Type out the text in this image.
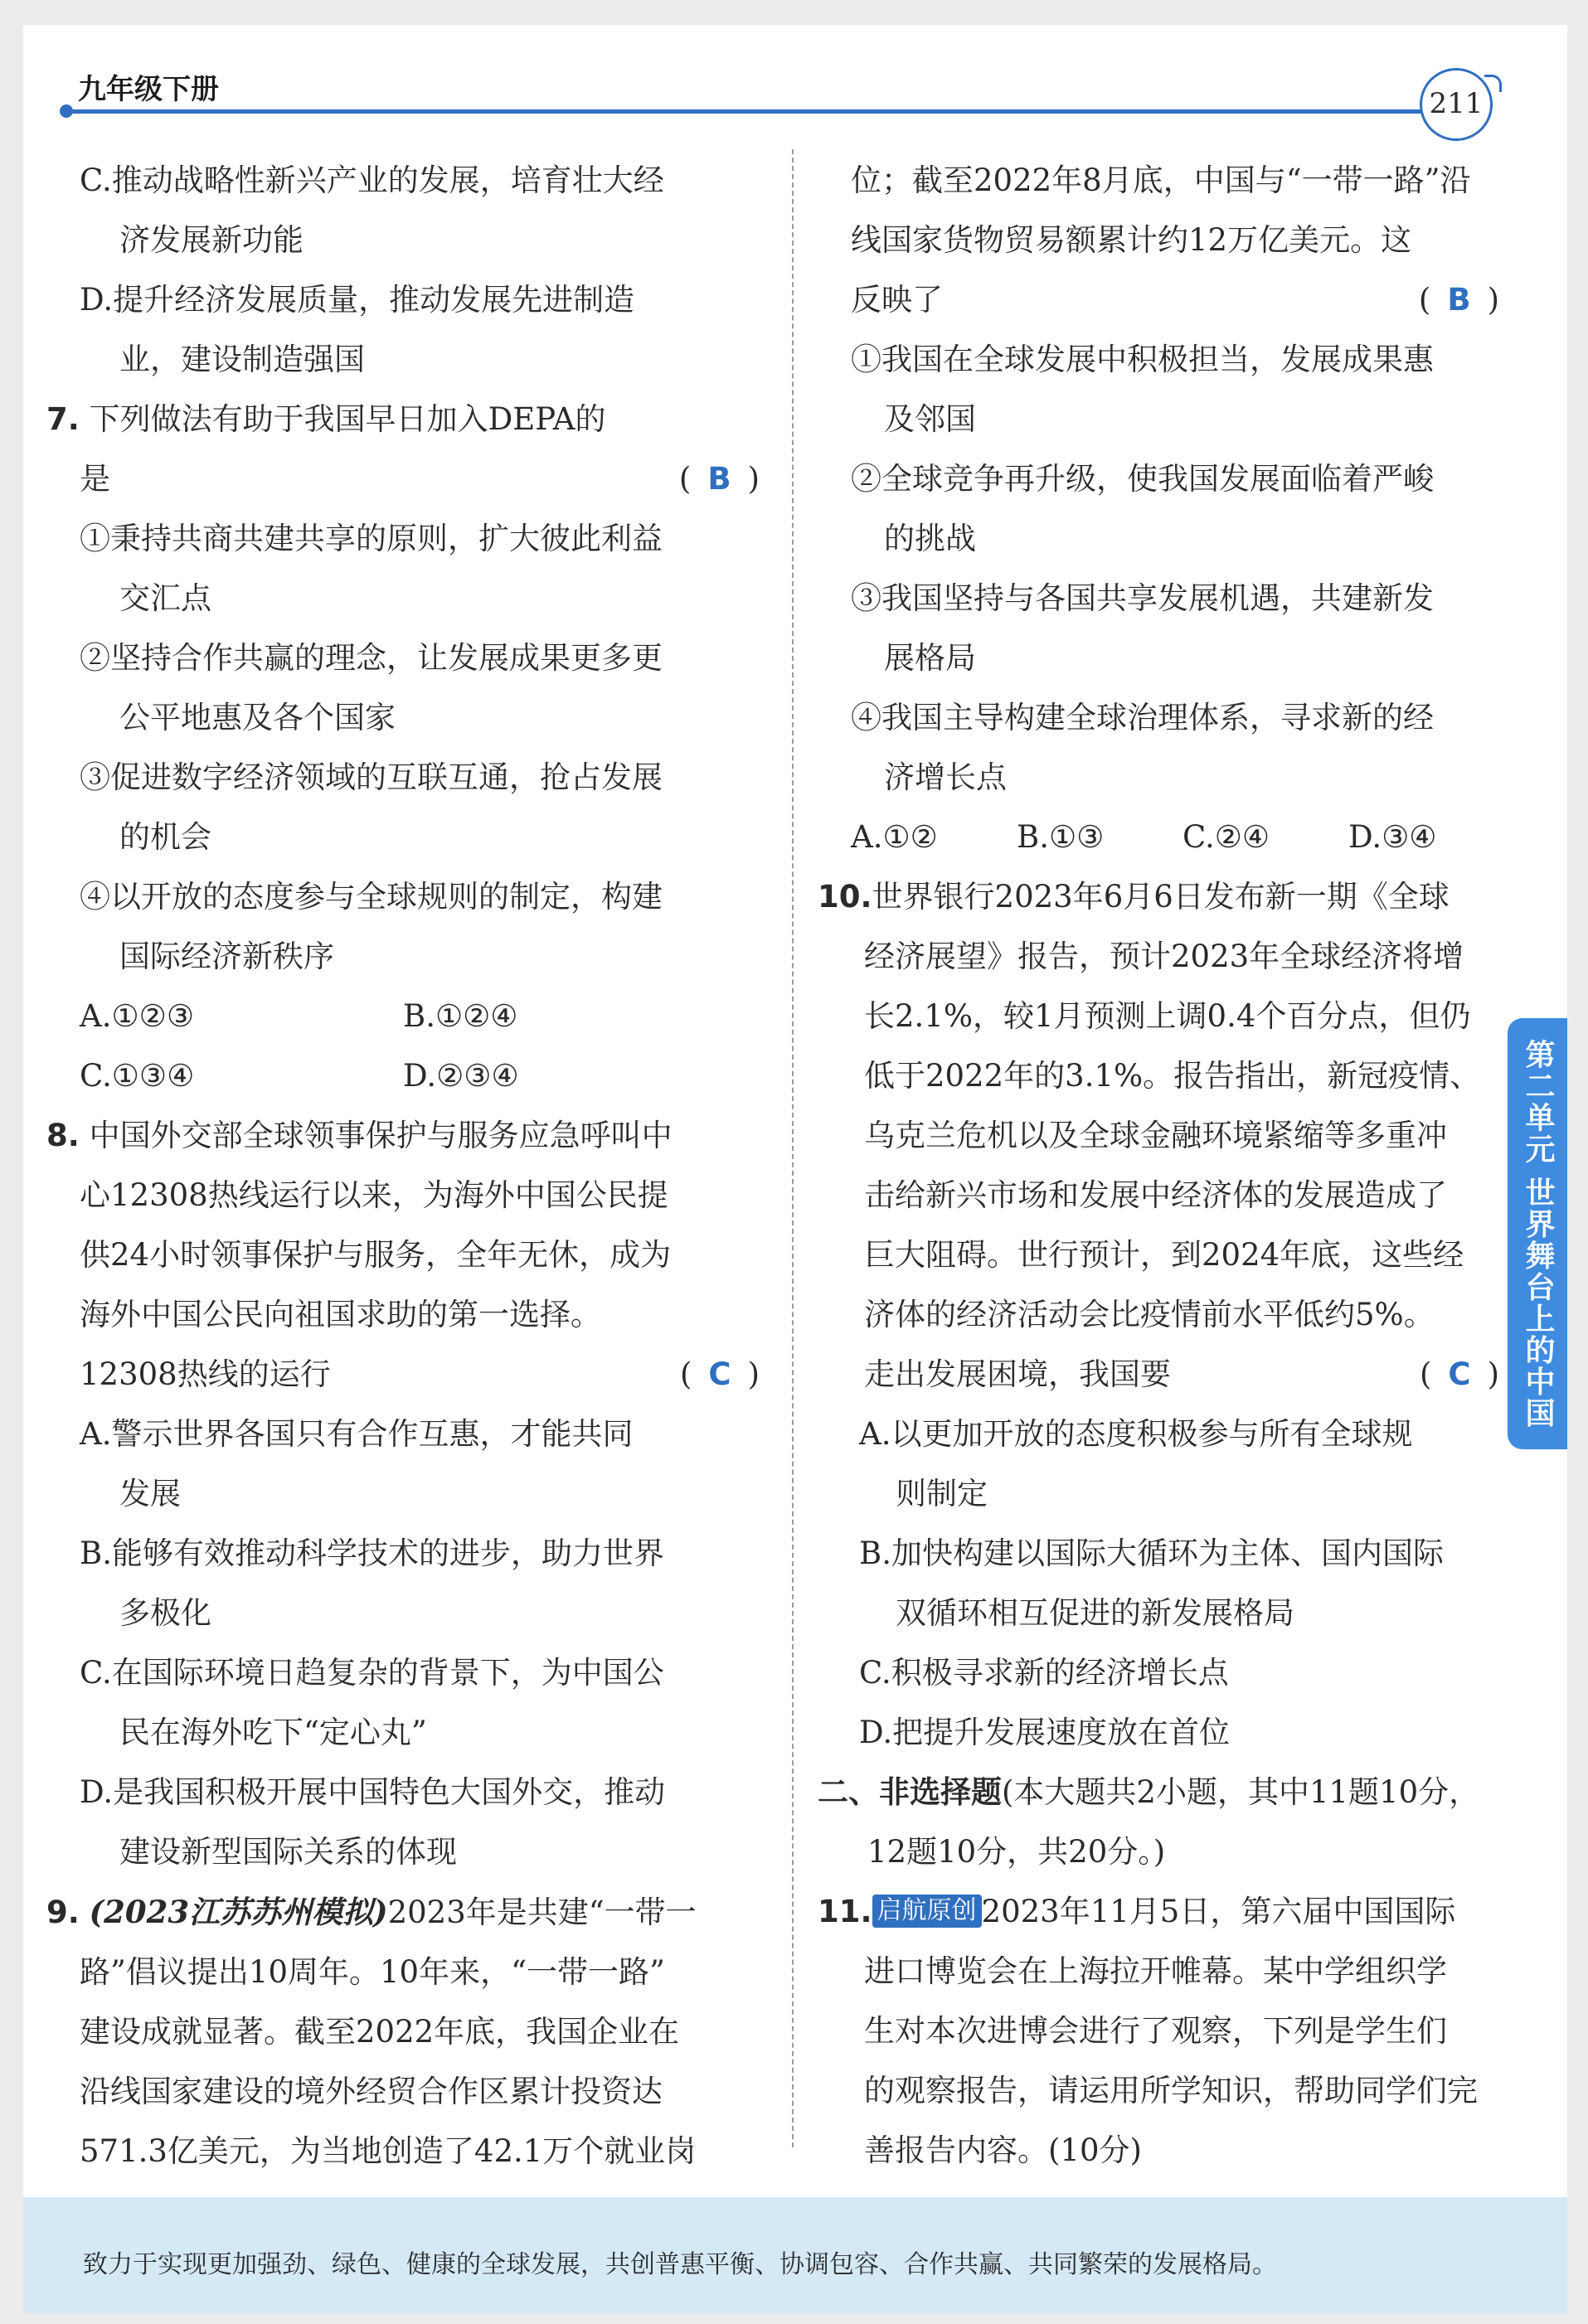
九年级下册	211
C.推动战略性新兴产业的发展，培育壮大经
济发展新功能
D.提升经济发展质量，推动发展先进制造
业，建设制造强国
7. 下列做法有助于我国早日加入DEPA的
是	( B )
①秉持共商共建共享的原则，扩大彼此利益
交汇点
②坚持合作共赢的理念，让发展成果更多更
公平地惠及各个国家
③促进数字经济领域的互联互通，抢占发展
的机会
④以开放的态度参与全球规则的制定，构建
国际经济新秩序
A.①②③	B.①②④
C.①③④	D.②③④
8. 中国外交部全球领事保护与服务应急呼叫中
心12308热线运行以来，为海外中国公民提
供24小时领事保护与服务，全年无休，成为
海外中国公民向祖国求助的第一选择。
12308热线的运行	( C )
A.警示世界各国只有合作互惠，才能共同
发展
B.能够有效推动科学技术的进步，助力世界
多极化
C.在国际环境日趋复杂的背景下，为中国公
民在海外吃下“定心丸”
D.是我国积极开展中国特色大国外交，推动
建设新型国际关系的体现
9. (2023江苏苏州模拟)2023年是共建“一带一
路”倡议提出10周年。10年来，“一带一路”
建设成就显著。截至2022年底，我国企业在
沿线国家建设的境外经贸合作区累计投资达
571.3亿美元，为当地创造了42.1万个就业岗
位；截至2022年8月底，中国与“一带一路”沿
线国家货物贸易额累计约12万亿美元。这
反映了	( B )
①我国在全球发展中积极担当，发展成果惠
及邻国
②全球竞争再升级，使我国发展面临着严峻
的挑战
③我国坚持与各国共享发展机遇，共建新发
展格局
④我国主导构建全球治理体系，寻求新的经
济增长点
A.①②	B.①③	C.②④	D.③④
10.世界银行2023年6月6日发布新一期《全球
经济展望》报告，预计2023年全球经济将增
长2.1%，较1月预测上调0.4个百分点，但仍
低于2022年的3.1%。报告指出，新冠疫情、
乌克兰危机以及全球金融环境紧缩等多重冲
击给新兴市场和发展中经济体的发展造成了
巨大阻碍。世行预计，到2024年底，这些经
济体的经济活动会比疫情前水平低约5%。
走出发展困境，我国要	( C )
A.以更加开放的态度积极参与所有全球规
则制定
B.加快构建以国际大循环为主体、国内国际
双循环相互促进的新发展格局
C.积极寻求新的经济增长点
D.把提升发展速度放在首位
二、非选择题(本大题共2小题，其中11题10分，
12题10分，共20分。)
11. 启航原创 2023年11月5日，第六届中国国际
进口博览会在上海拉开帷幕。某中学组织学
生对本次进博会进行了观察，下列是学生们
的观察报告，请运用所学知识，帮助同学们完
善报告内容。(10分)
第二单元 世界舞台上的中国
致力于实现更加强劲、绿色、健康的全球发展，共创普惠平衡、协调包容、合作共赢、共同繁荣的发展格局。
